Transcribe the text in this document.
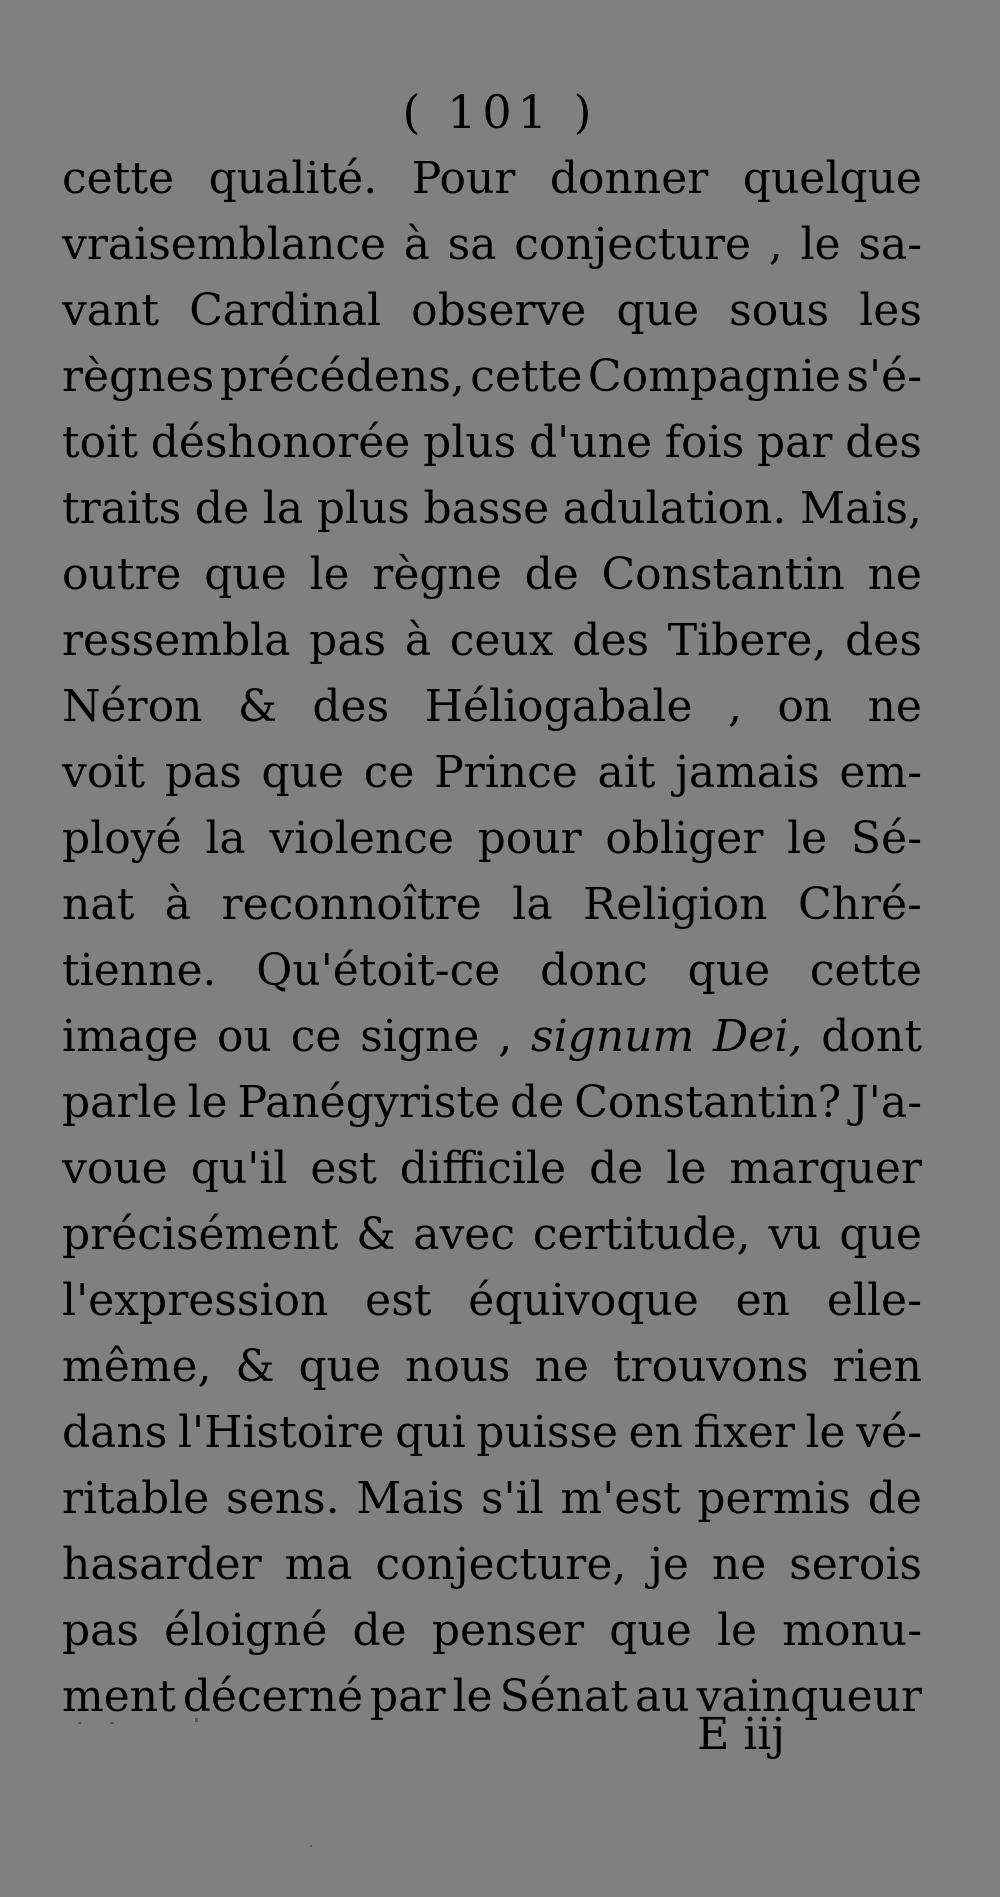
( 101 )
cette qualité. Pour donner quelque
vraisemblance à sa conjecture , le sa-
vant Cardinal observe que sous les
règnes précédens, cette Compagnie s'é-
toit déshonorée plus d'une fois par des
traits de la plus basse adulation. Mais,
outre que le règne de Constantin ne
ressembla pas à ceux des Tibere, des
Néron & des Héliogabale , on ne
voit pas que ce Prince ait jamais em-
ployé la violence pour obliger le Sé-
nat à reconnoître la Religion Chré-
tienne. Qu'étoit-ce donc que cette
image ou ce signe , signum Dei, dont
parle le Panégyriste de Constantin? J'a-
voue qu'il est difficile de le marquer
précisément & avec certitude, vu que
l'expression est équivoque en elle-
même, & que nous ne trouvons rien
dans l'Histoire qui puisse en fixer le vé-
ritable sens. Mais s'il m'est permis de
hasarder ma conjecture, je ne serois
pas éloigné de penser que le monu-
ment décerné par le Sénat au vainqueur
E iij
